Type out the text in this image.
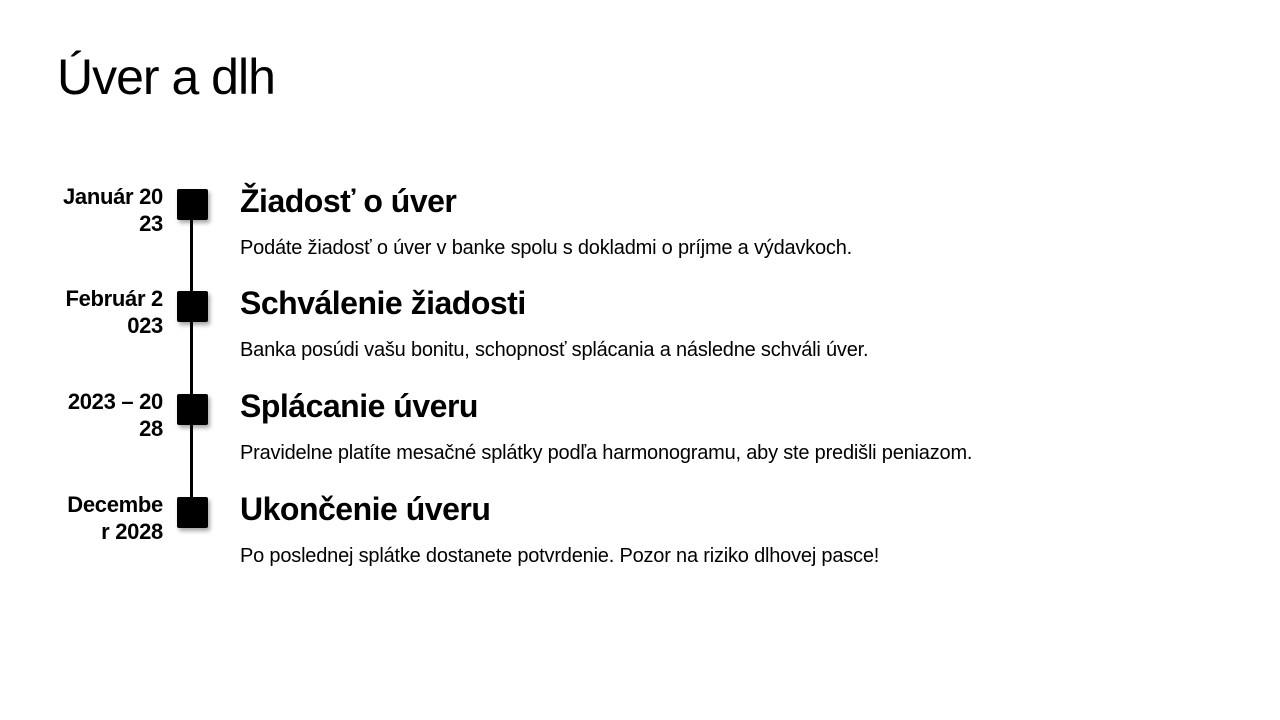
Úver a dlh
Január 2023
Žiadosť o úver

Podáte žiadosť o úver v banke spolu s dokladmi o príjme a výdavkoch.

Február 2023
Schválenie žiadosti

Banka posúdi vašu bonitu, schopnosť splácania a následne schváli úver.

2023 – 2028
Splácanie úveru

Pravidelne platíte mesačné splátky podľa harmonogramu, aby ste predišli peniazom.

December 2028
Ukončenie úveru

Po poslednej splátke dostanete potvrdenie. Pozor na riziko dlhovej pasce!
